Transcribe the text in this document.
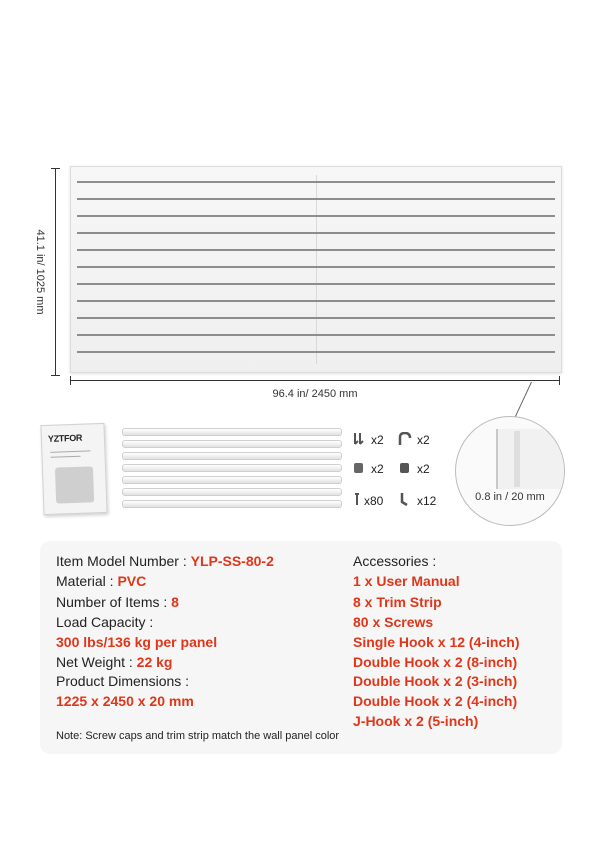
41.1 in/ 1025 mm
96.4 in/ 2450 mm
YZTFOR	x2	x2
x2	x2
x80	x12	0.8 in / 20 mm
Item Model Number : YLP-SS-80-2
Material : PVC
Number of Items : 8
Load Capacity :
300 lbs/136 kg per panel
Net Weight : 22 kg
Product Dimensions :
1225 x 2450 x 20 mm
Accessories :
1 x User Manual
8 x Trim Strip
80 x Screws
Single Hook x 12 (4-inch)
Double Hook x 2 (8-inch)
Double Hook x 2 (3-inch)
Double Hook x 2 (4-inch)
J-Hook x 2 (5-inch)
Note: Screw caps and trim strip match the wall panel color
